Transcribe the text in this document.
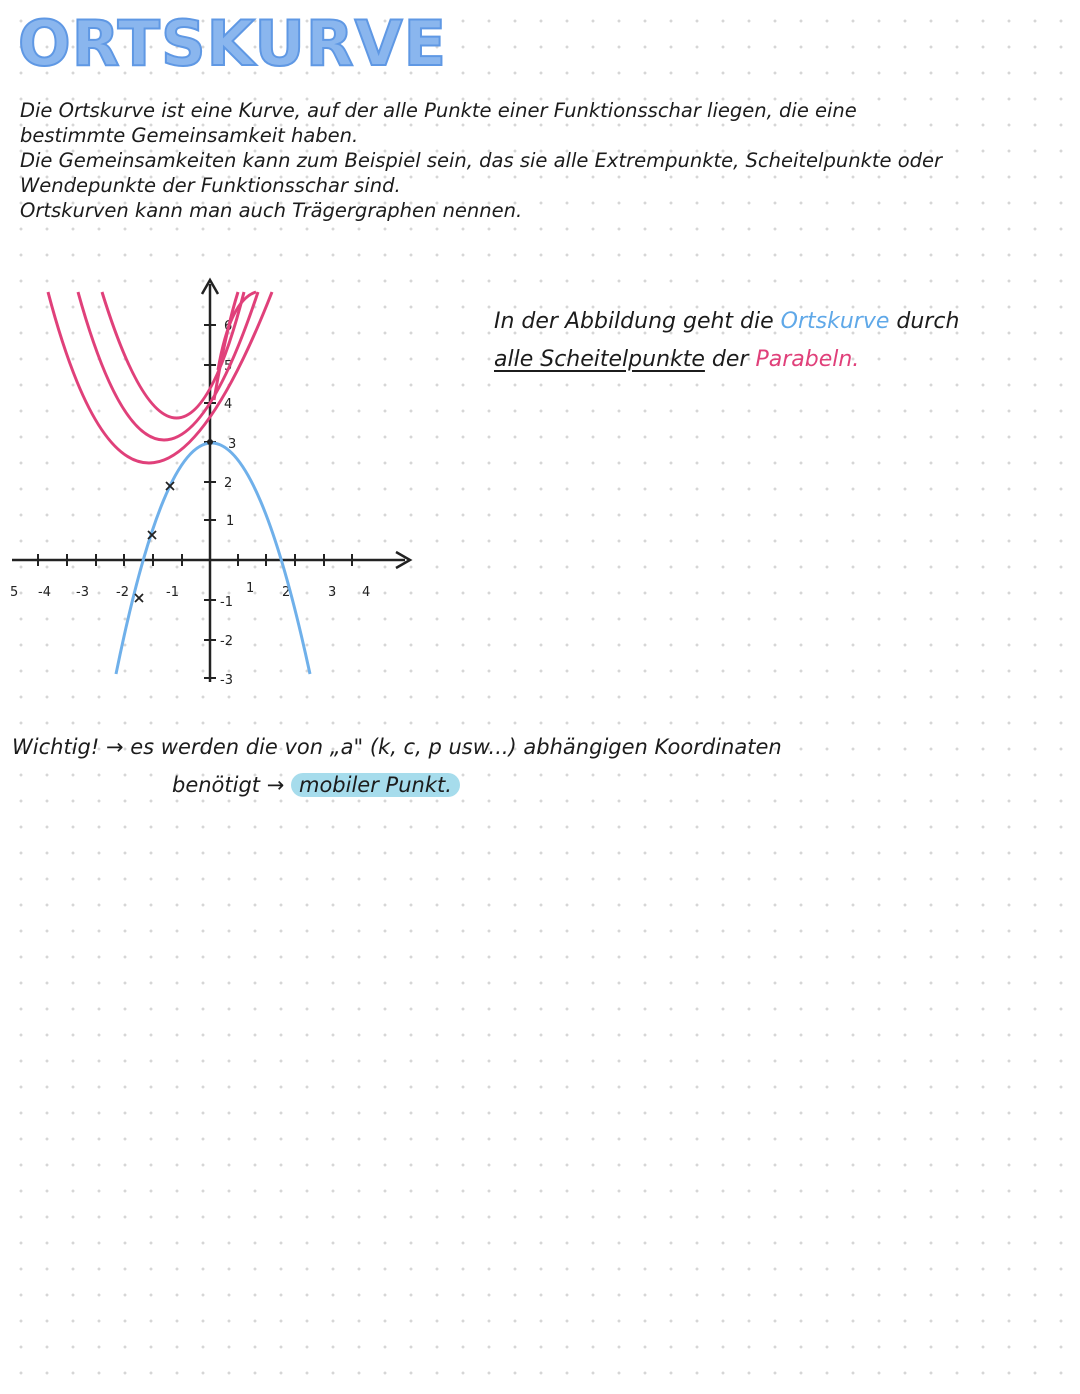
ORTSKURVE

Die Ortskurve ist eine Kurve, auf der alle Punkte einer Funktionsschar liegen, die eine

bestimmte Gemeinsamkeit haben.

Die Gemeinsamkeiten kann zum Beispiel sein, das sie alle Extrempunkte, Scheitelpunkte oder

Wendepunkte der Funktionsschar sind.

Ortskurven kann man auch Trägergraphen nennen.

5 -4 -3 -2	-1	1 2	3 4
6
5
4
3
2
1
-1
-2
-3

In der Abbildung geht die Ortskurve durch

alle Scheitelpunkte der Parabeln.

Wichtig! → es werden die von „a" (k, c, p usw...) abhängigen Koordinaten

benötigt → mobiler Punkt.
